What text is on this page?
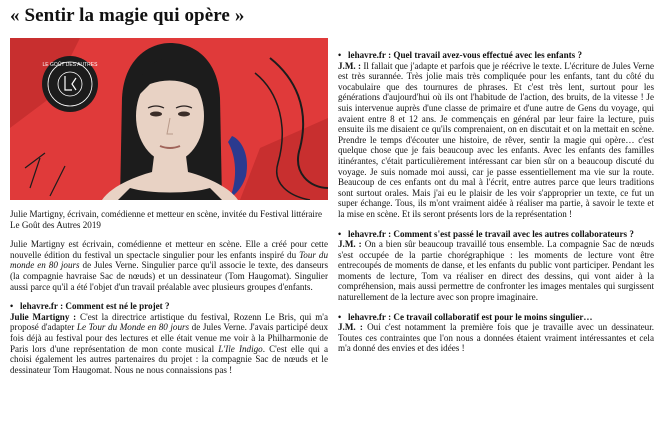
« Sentir la magie qui opère »
LE GOÛT DES AUTRES

Julie Martigny, écrivain, comédienne et metteur en scène, invitée du Festival littéraire Le Goût des Autres 2019

Julie Martigny est écrivain, comédienne et metteur en scène. Elle a créé pour cette nouvelle édition du festival un spectacle singulier pour les enfants inspiré du Tour du monde en 80 jours de Jules Verne. Singulier parce qu'il associe le texte, des danseurs (la compagnie havraise Sac de nœuds) et un dessinateur (Tom Haugomat). Singulier aussi parce qu'il a été l'objet d'un travail préalable avec plusieurs groupes d'enfants.

• lehavre.fr : Comment est né le projet ?

Julie Martigny : C'est la directrice artistique du festival, Rozenn Le Bris, qui m'a proposé d'adapter Le Tour du Monde en 80 jours de Jules Verne. J'avais participé deux fois déjà au festival pour des lectures et elle était venue me voir à la Philharmonie de Paris lors d'une représentation de mon conte musical L'Ile Indigo. C'est elle qui a choisi également les autres partenaires du projet : la compagnie Sac de nœuds et le dessinateur Tom Haugomat. Nous ne nous connaissions pas !

• lehavre.fr : Quel travail avez-vous effectué avec les enfants ?

J.M. : Il fallait que j'adapte et parfois que je réécrive le texte. L'écriture de Jules Verne est très surannée. Très jolie mais très compliquée pour les enfants, tant du côté du vocabulaire que des tournures de phrases. Et c'est très lent, surtout pour les générations d'aujourd'hui où ils ont l'habitude de l'action, des bruits, de la vitesse ! Je suis intervenue auprès d'une classe de primaire et d'une autre de Gens du voyage, qui avaient entre 8 et 12 ans. Je commençais en général par leur faire la lecture, puis ensuite ils me disaient ce qu'ils comprenaient, on en discutait et on la mettait en scène. Prendre le temps d'écouter une histoire, de rêver, sentir la magie qui opère… c'est quelque chose que je fais beaucoup avec les enfants. Avec les enfants des familles itinérantes, c'était particulièrement intéressant car bien sûr on a beaucoup discuté du voyage. Je suis nomade moi aussi, car je passe essentiellement ma vie sur la route. Beaucoup de ces enfants ont du mal à l'écrit, entre autres parce que leurs traditions sont surtout orales. Mais j'ai eu le plaisir de les voir s'approprier un texte, ce fut un super échange. Tous, ils m'ont vraiment aidée à réaliser ma partie, à savoir le texte et la mise en scène. Et ils seront présents lors de la représentation !

• lehavre.fr : Comment s'est passé le travail avec les autres collaborateurs ?

J.M. : On a bien sûr beaucoup travaillé tous ensemble. La compagnie Sac de nœuds s'est occupée de la partie chorégraphique : les moments de lecture vont être entrecoupés de moments de danse, et les enfants du public vont participer. Pendant les moments de lecture, Tom va réaliser en direct des dessins, qui vont aider à la compréhension, mais aussi permettre de confronter les images mentales qui surgissent naturellement de la lecture avec son propre imaginaire.

• lehavre.fr : Ce travail collaboratif est pour le moins singulier…

J.M. : Oui c'est notamment la première fois que je travaille avec un dessinateur. Toutes ces contraintes que l'on nous a données étaient vraiment intéressantes et cela m'a donné des envies et des idées !
